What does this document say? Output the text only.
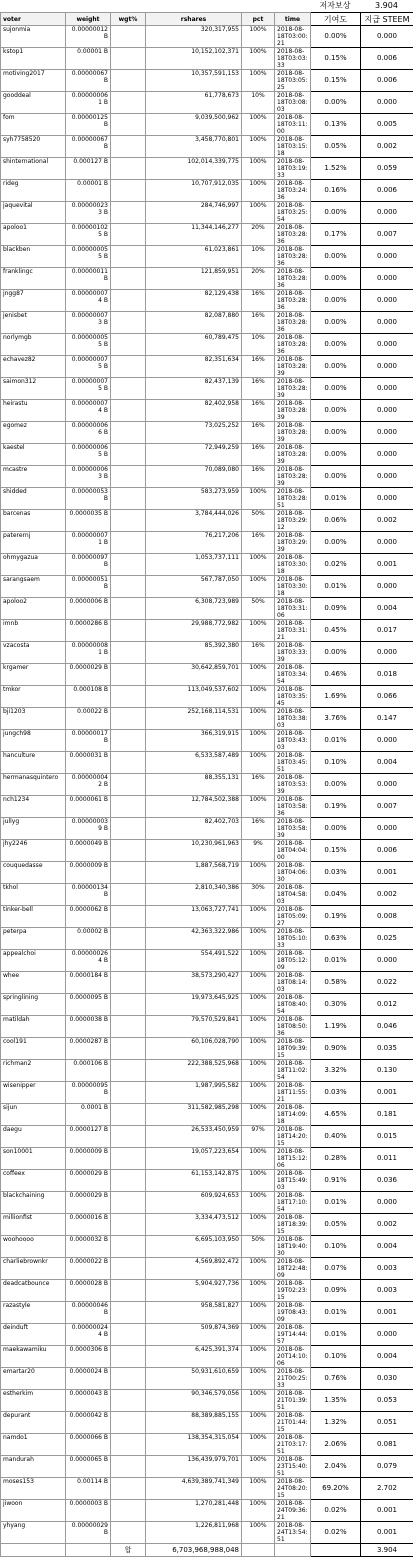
저자보상	3.904
voter	weight	wgt%	rshares	pct	time	기여도	지급 STEEM
sujonmia	0.00000012 B		320,317,955	100%	2018-08-18T03:00:21	0.00%	0.000
kstop1	0.00001 B		10,152,102,371	100%	2018-08-18T03:03:33	0.15%	0.006
motiving2017	0.00000067 B		10,357,591,153	100%	2018-08-18T03:05:25	0.15%	0.006
gooddeal	0.00000006 1 B		61,778,673	10%	2018-08-18T03:08:03	0.00%	0.000
fom	0.00000125 B		9,039,500,962	100%	2018-08-18T03:11:00	0.13%	0.005
syh7758520	0.00000067 B		3,458,770,801	100%	2018-08-18T03:15:18	0.05%	0.002
shinternational	0.000127 B		102,014,339,775	100%	2018-08-18T03:19:33	1.52%	0.059
rideg	0.00001 B		10,707,912,035	100%	2018-08-18T03:24:36	0.16%	0.006
jaquevital	0.00000023 3 B		284,746,997	100%	2018-08-18T03:25:54	0.00%	0.000
apoloo1	0.00000102 5 B		11,344,146,277	20%	2018-08-18T03:28:36	0.17%	0.007
blackben	0.00000005 5 B		61,023,861	10%	2018-08-18T03:28:36	0.00%	0.000
franklingc	0.00000011 B		121,859,951	20%	2018-08-18T03:28:36	0.00%	0.000
jngg87	0.00000007 4 B		82,129,438	16%	2018-08-18T03:28:36	0.00%	0.000
jenisbet	0.00000007 3 B		82,087,880	16%	2018-08-18T03:28:36	0.00%	0.000
norlymgb	0.00000005 5 B		60,789,475	10%	2018-08-18T03:28:36	0.00%	0.000
echavez82	0.00000007 5 B		82,351,634	16%	2018-08-18T03:28:39	0.00%	0.000
saimon312	0.00000007 5 B		82,437,139	16%	2018-08-18T03:28:39	0.00%	0.000
heirastu	0.00000007 4 B		82,402,958	16%	2018-08-18T03:28:39	0.00%	0.000
egomez	0.00000006 6 B		73,025,252	16%	2018-08-18T03:28:39	0.00%	0.000
kaestel	0.00000006 5 B		72,949,259	16%	2018-08-18T03:28:39	0.00%	0.000
mcastre	0.00000006 3 B		70,089,080	16%	2018-08-18T03:28:39	0.00%	0.000
shidded	0.00000053 B		583,273,959	100%	2018-08-18T03:28:51	0.01%	0.000
barcenas	0.0000035 B		3,784,444,026	50%	2018-08-18T03:29:12	0.06%	0.002
paterernj	0.00000007 1 B		76,217,206	16%	2018-08-18T03:29:39	0.00%	0.000
ohmygazua	0.00000097 B		1,053,737,111	100%	2018-08-18T03:30:18	0.02%	0.001
sarangsaem	0.00000051 B		567,787,050	100%	2018-08-18T03:30:18	0.01%	0.000
apoloo2	0.0000006 B		6,308,723,989	50%	2018-08-18T03:31:06	0.09%	0.004
imnb	0.0000286 B		29,988,772,982	100%	2018-08-18T03:31:21	0.45%	0.017
vzacosta	0.00000008 1 B		85,392,380	16%	2018-08-18T03:33:39	0.00%	0.000
krgamer	0.0000029 B		30,642,859,701	100%	2018-08-18T03:34:54	0.46%	0.018
tmkor	0.000108 B		113,049,537,602	100%	2018-08-18T03:35:45	1.69%	0.066
bji1203	0.00022 B		252,168,114,531	100%	2018-08-18T03:38:03	3.76%	0.147
jungch98	0.00000017 B		366,319,915	100%	2018-08-18T03:43:03	0.01%	0.000
hanculture	0.0000031 B		6,533,587,489	100%	2018-08-18T03:45:51	0.10%	0.004
hermanasquintero	0.00000004 2 B		88,355,131	16%	2018-08-18T03:53:39	0.00%	0.000
nch1234	0.0000061 B		12,784,502,388	100%	2018-08-18T03:58:36	0.19%	0.007
jullyg	0.00000003 9 B		82,402,703	16%	2018-08-18T03:58:39	0.00%	0.000
jhy2246	0.0000049 B		10,230,961,963	9%	2018-08-18T04:04:00	0.15%	0.006
couquedasse	0.0000009 B		1,887,568,719	100%	2018-08-18T04:06:30	0.03%	0.001
tkhol	0.00000134 B		2,810,340,386	30%	2018-08-18T04:58:03	0.04%	0.002
tinker-bell	0.0000062 B		13,063,727,741	100%	2018-08-18T05:09:27	0.19%	0.008
peterpa	0.00002 B		42,363,322,986	100%	2018-08-18T05:10:33	0.63%	0.025
appealchoi	0.00000026 4 B		554,491,522	100%	2018-08-18T05:12:09	0.01%	0.000
whee	0.0000184 B		38,573,290,427	100%	2018-08-18T08:14:03	0.58%	0.022
springlining	0.0000095 B		19,973,645,925	100%	2018-08-18T08:40:54	0.30%	0.012
matildah	0.0000038 B		79,570,529,841	100%	2018-08-18T08:50:36	1.19%	0.046
cool191	0.0000287 B		60,106,028,790	100%	2018-08-18T09:39:15	0.90%	0.035
richman2	0.000106 B		222,388,525,968	100%	2018-08-18T11:02:54	3.32%	0.130
wisenipper	0.00000095 B		1,987,995,582	100%	2018-08-18T11:55:21	0.03%	0.001
sijun	0.0001 B		311,582,985,298	100%	2018-08-18T14:09:18	4.65%	0.181
daegu	0.0000127 B		26,533,450,959	97%	2018-08-18T14:20:15	0.40%	0.015
son10001	0.0000009 B		19,057,223,654	100%	2018-08-18T15:12:06	0.28%	0.011
coffeex	0.0000029 B		61,153,142,875	100%	2018-08-18T15:49:03	0.91%	0.036
blackchaining	0.0000029 B		609,924,653	100%	2018-08-18T17:10:54	0.01%	0.000
millionfist	0.0000016 B		3,334,473,512	100%	2018-08-18T18:39:15	0.05%	0.002
woohoooo	0.0000032 B		6,695,103,950	50%	2018-08-18T19:40:30	0.10%	0.004
charliebrownkr	0.0000022 B		4,569,892,472	100%	2018-08-18T22:48:09	0.07%	0.003
deadcatbounce	0.0000028 B		5,904,927,736	100%	2018-08-19T02:23:15	0.09%	0.003
razastyle	0.00000046 B		958,581,827	100%	2018-08-19T08:43:09	0.01%	0.001
deinduft	0.00000024 4 B		509,874,369	100%	2018-08-19T14:44:57	0.01%	0.000
maekawamiku	0.0000306 B		6,425,391,374	100%	2018-08-20T14:10:06	0.10%	0.004
emartar20	0.0000024 B		50,931,610,659	100%	2018-08-21T00:25:33	0.76%	0.030
estherkim	0.0000043 B		90,346,579,056	100%	2018-08-21T01:39:51	1.35%	0.053
depurant	0.0000042 B		88,389,885,155	100%	2018-08-21T01:44:15	1.32%	0.051
namdo1	0.0000066 B		138,354,315,054	100%	2018-08-21T03:17:51	2.06%	0.081
mandurah	0.0000065 B		136,439,979,701	100%	2018-08-23T15:40:51	2.04%	0.079
moses153	0.00114 B		4,639,389,741,349	100%	2018-08-24T08:20:15	69.20%	2.702
jiwoon	0.0000003 B		1,270,281,448	100%	2018-08-24T09:36:21	0.02%	0.001
yhyang	0.00000029 B		1,226,811,968	100%	2018-08-24T13:54:51	0.02%	0.001
		합	6,703,968,988,048				3.904
